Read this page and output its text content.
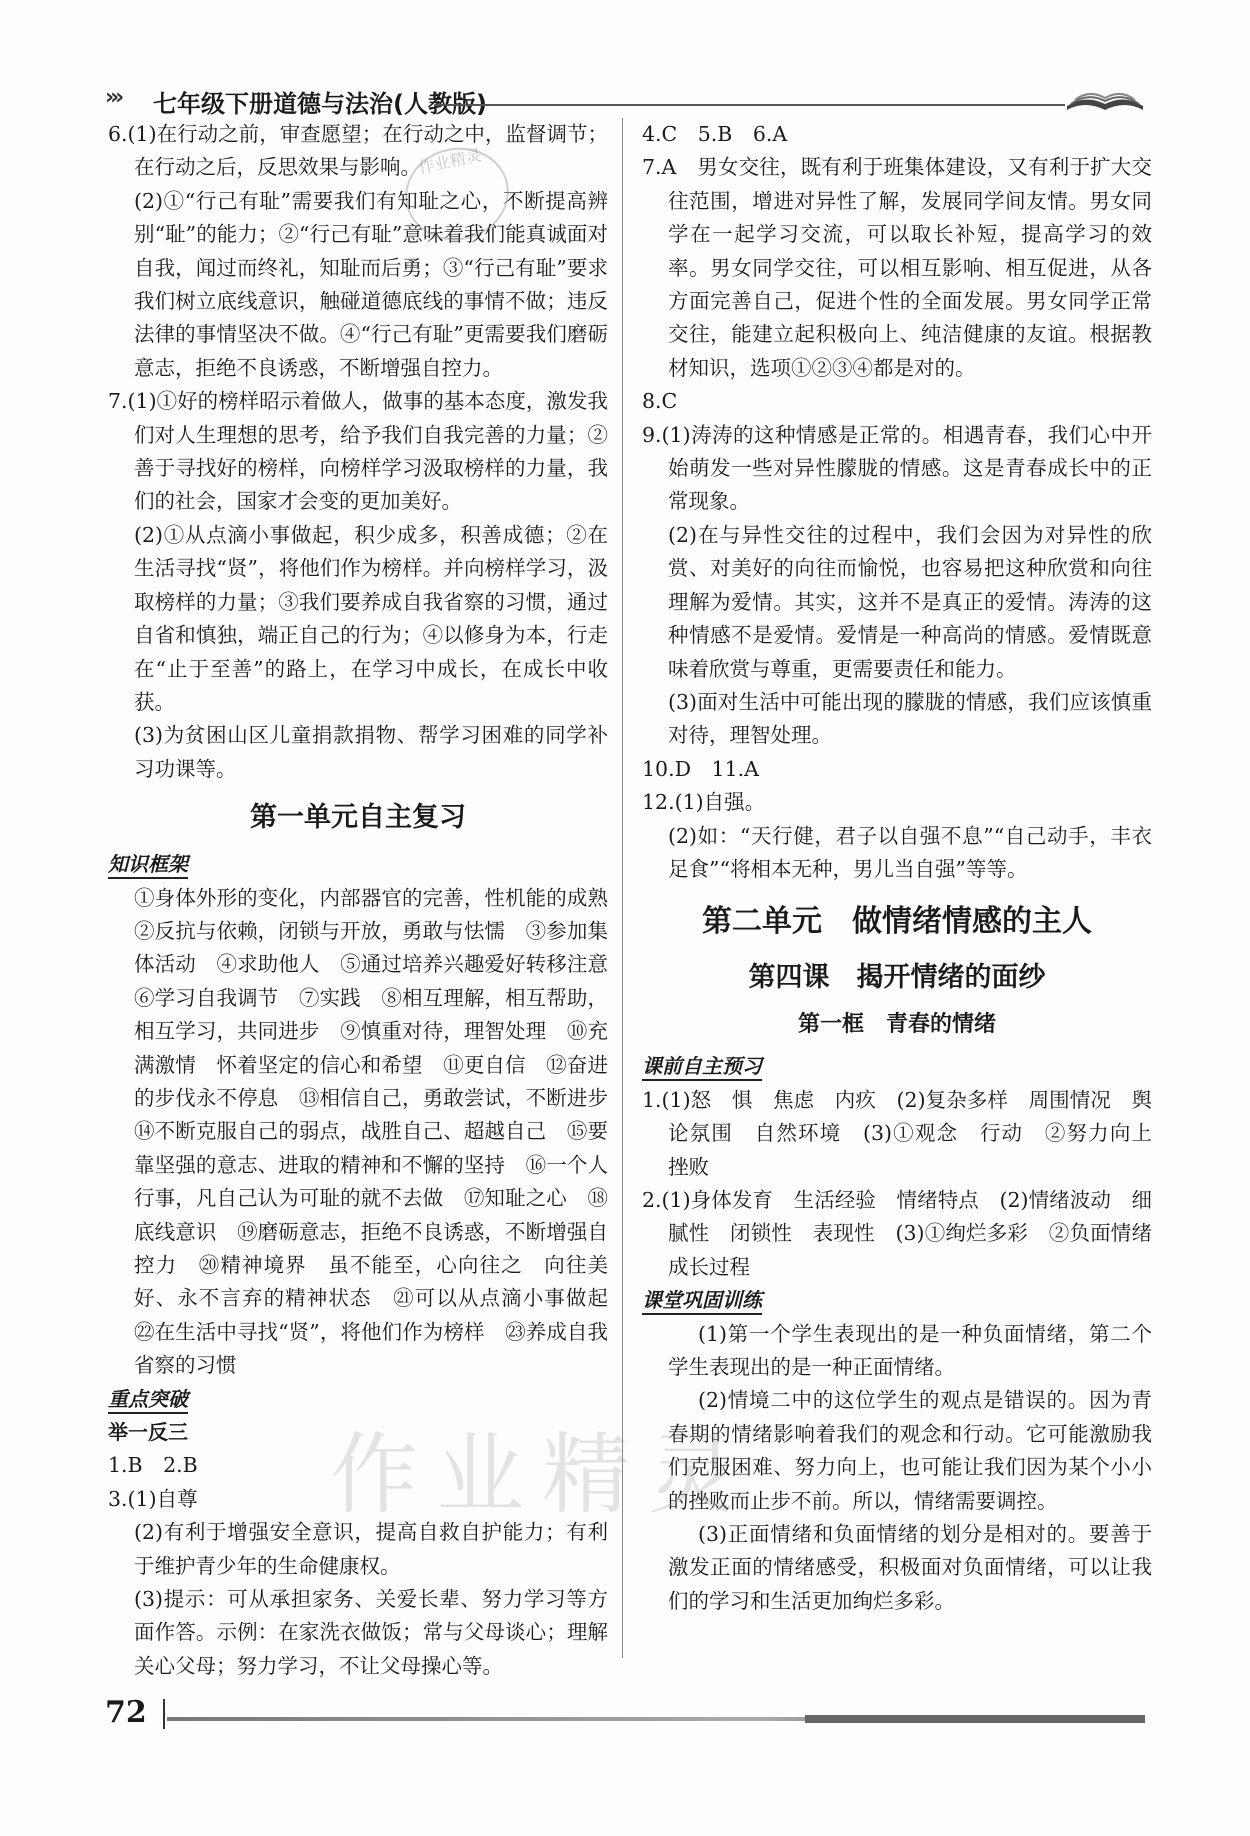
››› 七年级下册道德与法治(人教版)

6.(1)在行动之前，审查愿望；在行动之中，监督调节；在行动之后，反思效果与影响。

(2)①“行己有耻”需要我们有知耻之心，不断提高辨别“耻”的能力；②“行己有耻”意味着我们能真诚面对自我，闻过而终礼，知耻而后勇；③“行己有耻”要求我们树立底线意识，触碰道德底线的事情不做；违反法律的事情坚决不做。④“行己有耻”更需要我们磨砺意志，拒绝不良诱惑，不断增强自控力。

7.(1)①好的榜样昭示着做人，做事的基本态度，激发我们对人生理想的思考，给予我们自我完善的力量；②善于寻找好的榜样，向榜样学习汲取榜样的力量，我们的社会，国家才会变的更加美好。

(2)①从点滴小事做起，积少成多，积善成德；②在生活寻找“贤”，将他们作为榜样。并向榜样学习，汲取榜样的力量；③我们要养成自我省察的习惯，通过自省和慎独，端正自己的行为；④以修身为本，行走在“止于至善”的路上，在学习中成长，在成长中收获。

(3)为贫困山区儿童捐款捐物、帮学习困难的同学补习功课等。

第一单元自主复习
知识框架

①身体外形的变化，内部器官的完善，性机能的成熟　②反抗与依赖，闭锁与开放，勇敢与怯懦　③参加集体活动　④求助他人　⑤通过培养兴趣爱好转移注意　⑥学习自我调节　⑦实践　⑧相互理解，相互帮助，相互学习，共同进步　⑨慎重对待，理智处理　⑩充满激情　怀着坚定的信心和希望　⑪更自信　⑫奋进的步伐永不停息　⑬相信自己，勇敢尝试，不断进步　⑭不断克服自己的弱点，战胜自己、超越自己　⑮要靠坚强的意志、进取的精神和不懈的坚持　⑯一个人行事，凡自己认为可耻的就不去做　⑰知耻之心　⑱底线意识　⑲磨砺意志，拒绝不良诱惑，不断增强自控力　⑳精神境界　虽不能至，心向往之　向往美好、永不言弃的精神状态　㉑可以从点滴小事做起　㉒在生活中寻找“贤”，将他们作为榜样　㉓养成自我省察的习惯

重点突破
举一反三

1.B　2.B

3.(1)自尊

(2)有利于增强安全意识，提高自救自护能力；有利于维护青少年的生命健康权。

(3)提示：可从承担家务、关爱长辈、努力学习等方面作答。示例：在家洗衣做饭；常与父母谈心；理解关心父母；努力学习，不让父母操心等。

4.C　5.B　6.A

7.A　男女交往，既有利于班集体建设，又有利于扩大交往范围，增进对异性了解，发展同学间友情。男女同学在一起学习交流，可以取长补短，提高学习的效率。男女同学交往，可以相互影响、相互促进，从各方面完善自己，促进个性的全面发展。男女同学正常交往，能建立起积极向上、纯洁健康的友谊。根据教材知识，选项①②③④都是对的。

8.C

9.(1)涛涛的这种情感是正常的。相遇青春，我们心中开始萌发一些对异性朦胧的情感。这是青春成长中的正常现象。

(2)在与异性交往的过程中，我们会因为对异性的欣赏、对美好的向往而愉悦，也容易把这种欣赏和向往理解为爱情。其实，这并不是真正的爱情。涛涛的这种情感不是爱情。爱情是一种高尚的情感。爱情既意味着欣赏与尊重，更需要责任和能力。

(3)面对生活中可能出现的朦胧的情感，我们应该慎重对待，理智处理。

10.D　11.A

12.(1)自强。

(2)如：“天行健，君子以自强不息”“自己动手，丰衣足食”“将相本无种，男儿当自强”等等。

第二单元　做情绪情感的主人
第四课　揭开情绪的面纱
第一框　青春的情绪
课前自主预习

1.(1)怒　惧　焦虑　内疚　(2)复杂多样　周围情况　舆论氛围　自然环境　(3)①观念　行动　②努力向上　挫败

2.(1)身体发育　生活经验　情绪特点　(2)情绪波动　细腻性　闭锁性　表现性　(3)①绚烂多彩　②负面情绪　成长过程

课堂巩固训练

(1)第一个学生表现出的是一种负面情绪，第二个学生表现出的是一种正面情绪。

(2)情境二中的这位学生的观点是错误的。因为青春期的情绪影响着我们的观念和行动。它可能激励我们克服困难、努力向上，也可能让我们因为某个小小的挫败而止步不前。所以，情绪需要调控。

(3)正面情绪和负面情绪的划分是相对的。要善于激发正面的情绪感受，积极面对负面情绪，可以让我们的学习和生活更加绚烂多彩。

作业精灵
作业精灵
72
